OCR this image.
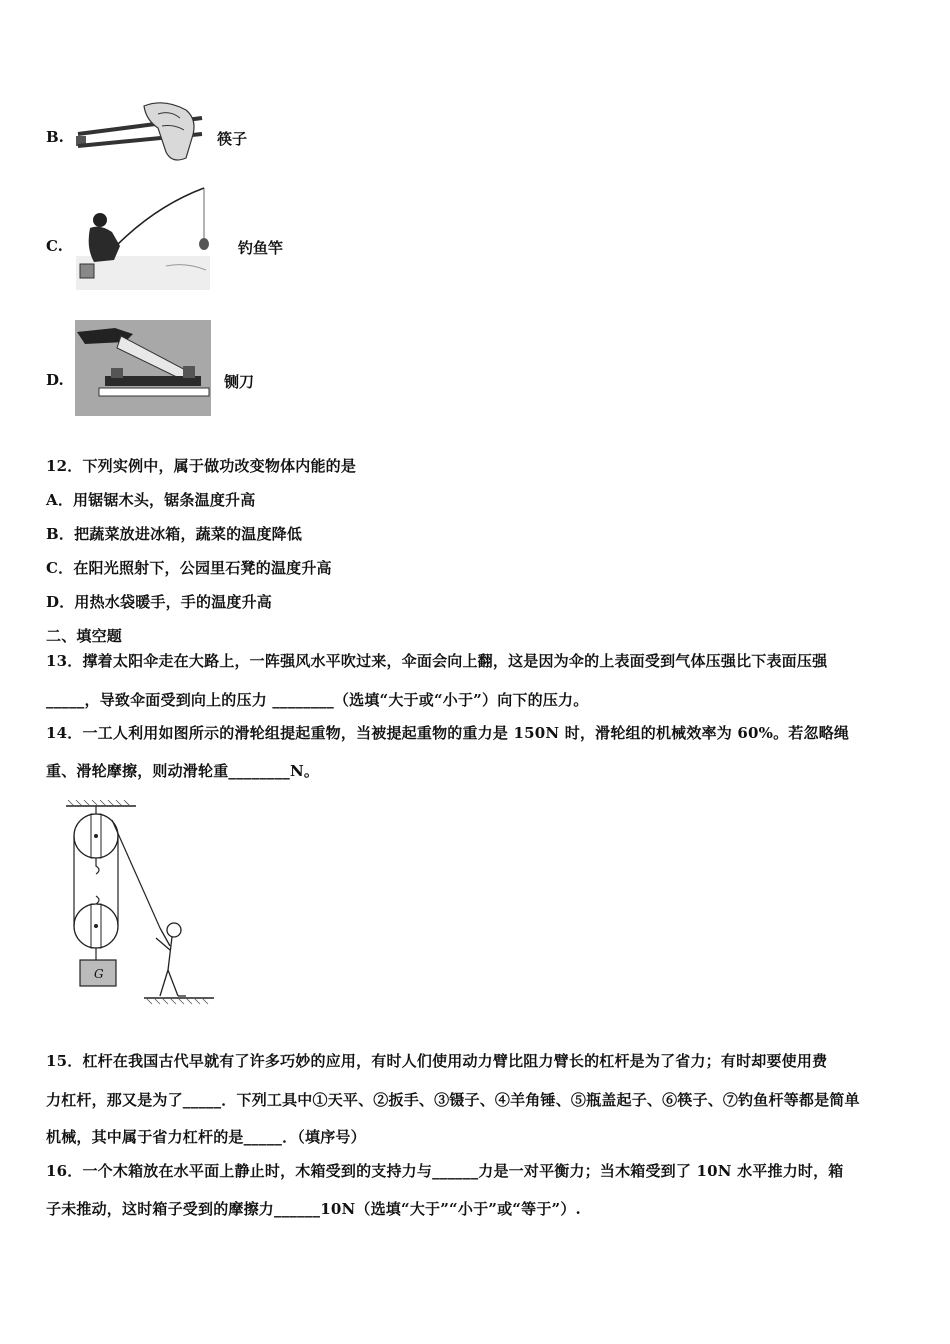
B.	筷子
C.	钓鱼竿
D.	铡刀
12．下列实例中，属于做功改变物体内能的是
A．用锯锯木头，锯条温度升高
B．把蔬菜放进冰箱，蔬菜的温度降低
C．在阳光照射下，公园里石凳的温度升高
D．用热水袋暖手，手的温度升高
二、填空题
13．撑着太阳伞走在大路上，一阵强风水平吹过来，伞面会向上翻，这是因为伞的上表面受到气体压强比下表面压强
_____，导致伞面受到向上的压力 ________（选填“大于或“小于”）向下的压力。
14．一工人利用如图所示的滑轮组提起重物，当被提起重物的重力是 150N 时，滑轮组的机械效率为 60%。若忽略绳
重、滑轮摩擦，则动滑轮重________N。
G
15．杠杆在我国古代早就有了许多巧妙的应用，有时人们使用动力臂比阻力臂长的杠杆是为了省力；有时却要使用费
力杠杆，那又是为了_____．下列工具中①天平、②扳手、③镊子、④羊角锤、⑤瓶盖起子、⑥筷子、⑦钓鱼杆等都是简单
机械，其中属于省力杠杆的是_____．（填序号）
16．一个木箱放在水平面上静止时，木箱受到的支持力与______力是一对平衡力；当木箱受到了 10N 水平推力时，箱
子未推动，这时箱子受到的摩擦力______10N（选填“大于”“小于”或“等于”）.
